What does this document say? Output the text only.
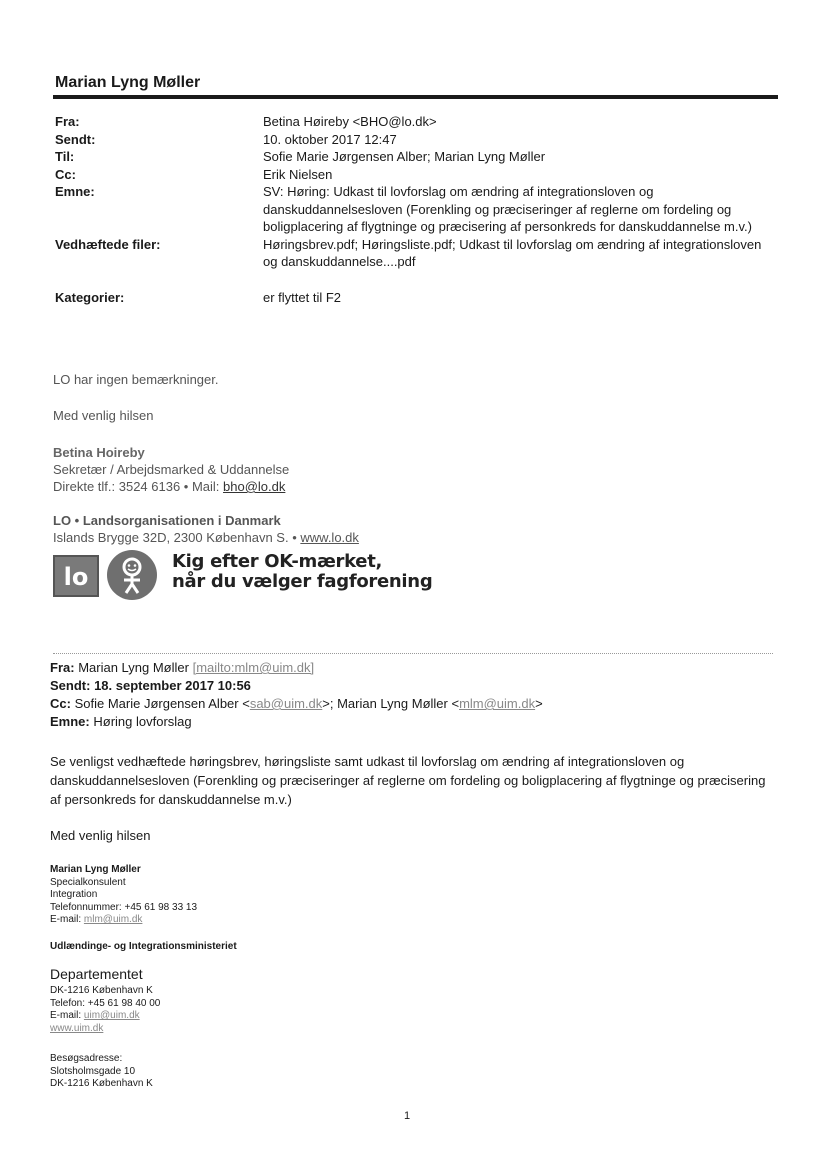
Marian Lyng Møller
Fra:	Betina Høireby <BHO@lo.dk>
Sendt:	10. oktober 2017 12:47
Til:	Sofie Marie Jørgensen Alber; Marian Lyng Møller
Cc:	Erik Nielsen
Emne:	SV: Høring: Udkast til lovforslag om ændring af integrationsloven og danskuddannelsesloven (Forenkling og præciseringer af reglerne om fordeling og boligplacering af flygtninge og præcisering af personkreds for danskuddannelse m.v.)
Vedhæftede filer:	Høringsbrev.pdf; Høringsliste.pdf; Udkast til lovforslag om ændring af integrationsloven og danskuddannelse....pdf
Kategorier:	er flyttet til F2
LO har ingen bemærkninger.
Med venlig hilsen
Betina Hoireby
Sekretær / Arbejdsmarked & Uddannelse
Direkte tlf.: 3524 6136 • Mail: bho@lo.dk
LO • Landsorganisationen i Danmark
Islands Brygge 32D, 2300 København S. • www.lo.dk
lo
Kig efter OK-mærket,
når du vælger fagforening
Fra: Marian Lyng Møller [mailto:mlm@uim.dk]
Sendt: 18. september 2017 10:56
Cc: Sofie Marie Jørgensen Alber <sab@uim.dk>; Marian Lyng Møller <mlm@uim.dk>
Emne: Høring lovforslag
Se venligst vedhæftede høringsbrev, høringsliste samt udkast til lovforslag om ændring af integrationsloven og danskuddannelsesloven (Forenkling og præciseringer af reglerne om fordeling og boligplacering af flygtninge og præcisering af personkreds for danskuddannelse m.v.)
Med venlig hilsen
Marian Lyng Møller
Specialkonsulent
Integration
Telefonnummer: +45 61 98 33 13
E-mail: mlm@uim.dk
Udlændinge- og Integrationsministeriet
Departementet
DK-1216 København K
Telefon: +45 61 98 40 00
E-mail: uim@uim.dk
www.uim.dk
Besøgsadresse:
Slotsholmsgade 10
DK-1216 København K
1
